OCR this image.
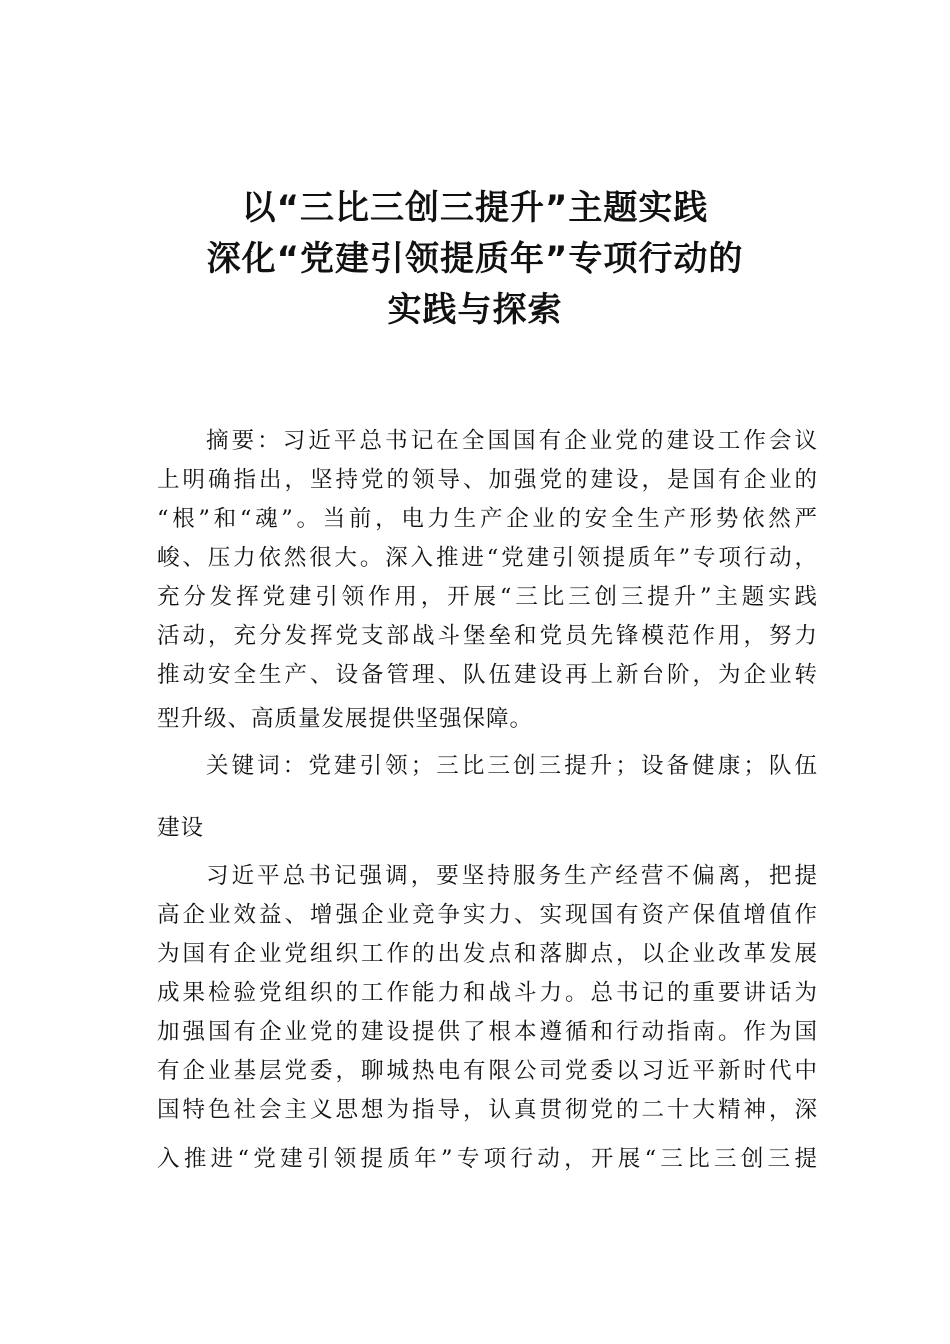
以“三比三创三提升”主题实践
深化“党建引领提质年”专项行动的
实践与探索
摘要：习近平总书记在全国国有企业党的建设工作会议
上明确指出，坚持党的领导、加强党的建设，是国有企业的
“根”和“魂”。当前，电力生产企业的安全生产形势依然严
峻、压力依然很大。深入推进“党建引领提质年”专项行动，
充分发挥党建引领作用，开展“三比三创三提升”主题实践
活动，充分发挥党支部战斗堡垒和党员先锋模范作用，努力
推动安全生产、设备管理、队伍建设再上新台阶，为企业转
型升级、高质量发展提供坚强保障。
关键词：党建引领；三比三创三提升；设备健康；队伍
建设
习近平总书记强调，要坚持服务生产经营不偏离，把提
高企业效益、增强企业竞争实力、实现国有资产保值增值作
为国有企业党组织工作的出发点和落脚点，以企业改革发展
成果检验党组织的工作能力和战斗力。总书记的重要讲话为
加强国有企业党的建设提供了根本遵循和行动指南。作为国
有企业基层党委，聊城热电有限公司党委以习近平新时代中
国特色社会主义思想为指导，认真贯彻党的二十大精神，深
入推进“党建引领提质年”专项行动，开展“三比三创三提
